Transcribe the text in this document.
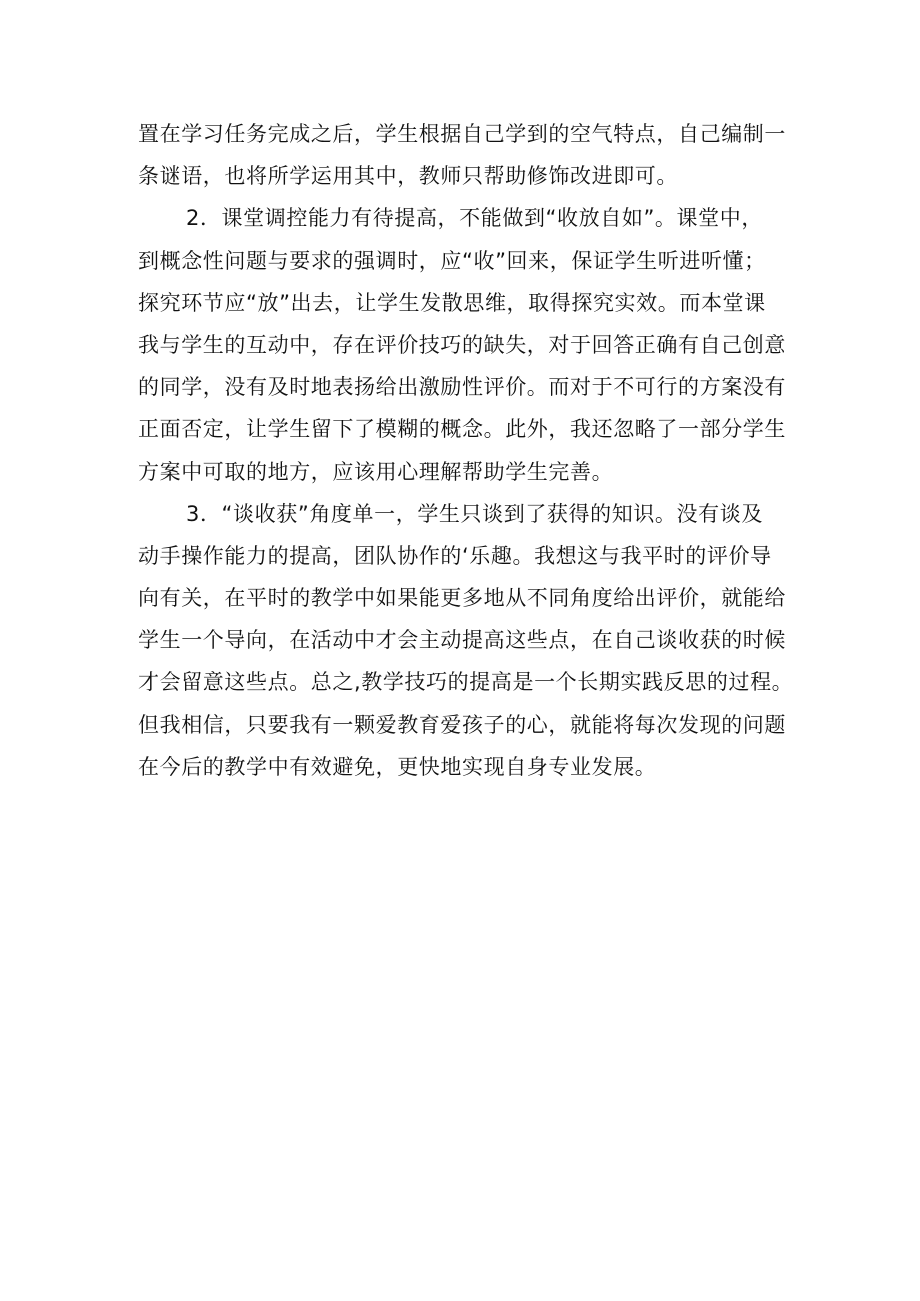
置在学习任务完成之后，学生根据自己学到的空气特点，自己编制一
条谜语，也将所学运用其中，教师只帮助修饰改进即可。
2．课堂调控能力有待提高，不能做到“收放自如”。课堂中，
到概念性问题与要求的强调时，应“收”回来，保证学生听进听懂；
探究环节应“放”出去，让学生发散思维，取得探究实效。而本堂课
我与学生的互动中，存在评价技巧的缺失，对于回答正确有自己创意
的同学，没有及时地表扬给出激励性评价。而对于不可行的方案没有
正面否定，让学生留下了模糊的概念。此外，我还忽略了一部分学生
方案中可取的地方，应该用心理解帮助学生完善。
3．“谈收获”角度单一，学生只谈到了获得的知识。没有谈及
动手操作能力的提高，团队协作的‘乐趣。我想这与我平时的评价导
向有关，在平时的教学中如果能更多地从不同角度给出评价，就能给
学生一个导向，在活动中才会主动提高这些点，在自己谈收获的时候
才会留意这些点。总之,教学技巧的提高是一个长期实践反思的过程。
但我相信，只要我有一颗爱教育爱孩子的心，就能将每次发现的问题
在今后的教学中有效避免，更快地实现自身专业发展。
